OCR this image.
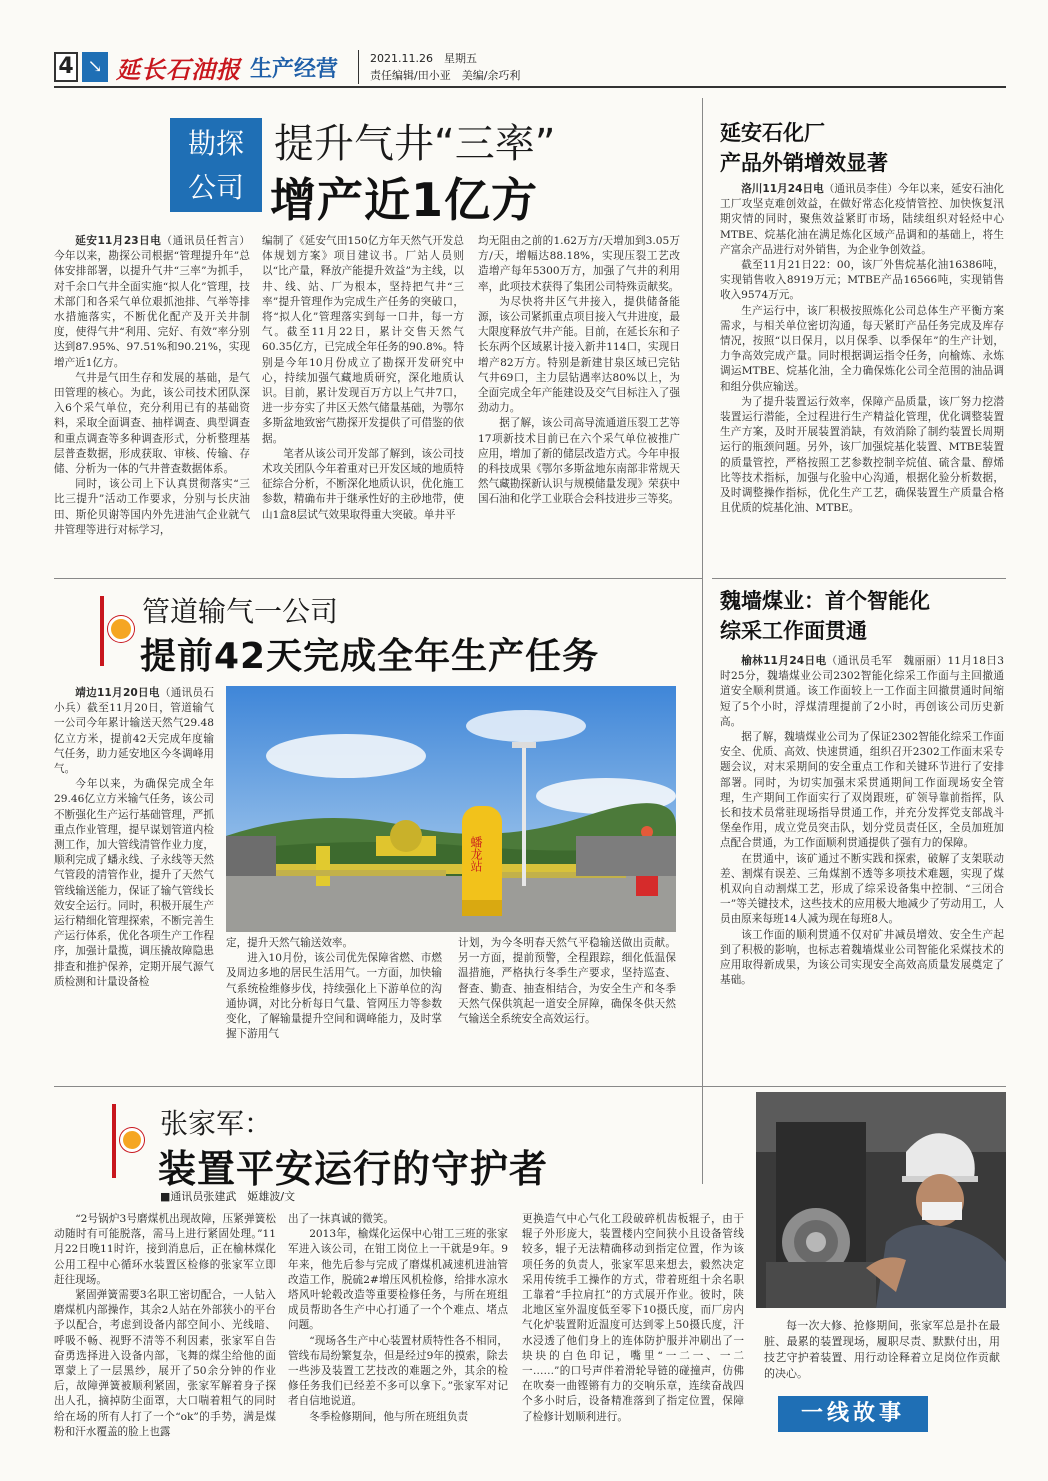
4 ↘ 延长石油报 生产经营	2021.11.26　星期五
责任编辑/田小亚　美编/余巧利
勘探
公司
提升气井“三率”
增产近1亿方

延安11月23日电（通讯员任哲言）今年以来，勘探公司根据“管理提升年”总体安排部署，以提升气井“三率”为抓手，对千余口气井全面实施“拟人化”管理，技术部门和各采气单位艰抓池排、气举等排水措施落实，不断优化配产及开关井制度，使得气井“利用、完好、有效”率分别达到87.95%、97.51%和90.21%，实现增产近1亿方。

气井是气田生存和发展的基础，是气田管理的核心。为此，该公司技术团队深入6个采气单位，充分利用已有的基础资料，采取全面调查、抽样调查、典型调查和重点调查等多种调查形式，分析整理基层普查数据，形成获取、审核、传输、存储、分析为一体的气井普查数据体系。

同时，该公司上下认真贯彻落实“三比三提升”活动工作要求，分别与长庆油田、斯伦贝谢等国内外先进油气企业就气井管理等进行对标学习，

编制了《延安气田150亿方年天然气开发总体规划方案》项目建议书。厂站人员则以“比产量，释放产能提升效益”为主线，以井、线、站、厂为根本，坚持把气井“三率”提升管理作为完成生产任务的突破口，将“拟人化”管理落实到每一口井，每一方气。截至11月22日，累计交售天然气60.35亿方，已完成全年任务的90.8%。特别是今年10月份成立了勘探开发研究中心，持续加强气藏地质研究，深化地质认识。目前，累计发现百万方以上气井7口，进一步夯实了井区天然气储量基础，为鄂尔多斯盆地致密气勘探开发提供了可借鉴的依据。

笔者从该公司开发部了解到，该公司技术攻关团队今年着重对已开发区域的地质特征综合分析，不断深化地质认识，优化施工参数，精确布井于继承性好的主砂地带，使山1盒8层试气效果取得重大突破。单井平

均无阻由之前的1.62万方/天增加到3.05万方/天，增幅达88.18%，实现压裂工艺改造增产每年5300万方，加强了气井的利用率，此项技术获得了集团公司特殊贡献奖。

为尽快将井区气井接入，提供储备能源，该公司紧抓重点项目接入气井进度，最大限度释放气井产能。目前，在延长东和子长东两个区域累计接入新井114口，实现日增产82万方。特别是新建甘泉区域已完钻气井69口，主力层钻遇率达80%以上，为全面完成全年产能建设及交气目标注入了强劲动力。

据了解，该公司高导流通道压裂工艺等17项新技术目前已在六个采气单位被推广应用，增加了新的储层改造方式。今年申报的科技成果《鄂尔多斯盆地东南部非常规天然气藏勘探新认识与规模储量发现》荣获中国石油和化学工业联合会科技进步三等奖。

延安石化厂
产品外销增效显著

洛川11月24日电（通讯员李佳）今年以来，延安石油化工厂攻坚克难创效益，在做好常态化疫情管控、加快恢复汛期灾情的同时，聚焦效益紧盯市场，陆续组织对轻烃中心MTBE、烷基化油在满足炼化区域产品调和的基础上，将生产富余产品进行对外销售，为企业争创效益。

截至11月21日22：00，该厂外售烷基化油16386吨，实现销售收入8919万元；MTBE产品16566吨，实现销售收入9574万元。

生产运行中，该厂积极按照炼化公司总体生产平衡方案需求，与相关单位密切沟通，每天紧盯产品任务完成及库存情况，按照“以日保月，以月保季、以季保年”的生产计划，力争高效完成产量。同时根据调运指令任务，向榆炼、永炼调运MTBE、烷基化油，全力确保炼化公司全范围的油品调和组分供应输送。

为了提升装置运行效率，保障产品质量，该厂努力挖潜装置运行潜能，全过程进行生产精益化管理，优化调整装置生产方案，及时开展装置消缺，有效消除了制约装置长周期运行的瓶颈问题。另外，该厂加强烷基化装置、MTBE装置的质量管控，严格按照工艺参数控制辛烷值、硫含量、醇烯比等技术指标，加强与化验中心沟通，根据化验分析数据，及时调整操作指标，优化生产工艺，确保装置生产质量合格且优质的烷基化油、MTBE。

魏墙煤业：首个智能化
综采工作面贯通

榆林11月24日电（通讯员毛军　魏丽丽）11月18日3时25分，魏墙煤业公司2302智能化综采工作面与主回撤通道安全顺利贯通。该工作面较上一工作面主回撤贯通时间缩短了5个小时，浮煤清理提前了2小时，再创该公司历史新高。

据了解，魏墙煤业公司为了保证2302智能化综采工作面安全、优质、高效、快速贯通，组织召开2302工作面末采专题会议，对末采期间的安全重点工作和关键环节进行了安排部署。同时，为切实加强末采贯通期间工作面现场安全管理，生产期间工作面实行了双岗跟班，矿领导靠前指挥，队长和技术员常驻现场指导贯通工作，并充分发挥党支部战斗堡垒作用，成立党员突击队，划分党员责任区，全员加班加点配合贯通，为工作面顺利贯通提供了强有力的保障。

在贯通中，该矿通过不断实践和探索，破解了支架联动差、割煤有误差、三角煤割不透等多项技术难题，实现了煤机双向自动割煤工艺，形成了综采设备集中控制、“三闭合一”等关键技术，这些技术的应用极大地减少了劳动用工，人员由原来每班14人减为现在每班8人。

该工作面的顺利贯通不仅对矿井减员增效、安全生产起到了积极的影响，也标志着魏墙煤业公司智能化采煤技术的应用取得新成果，为该公司实现安全高效高质量发展奠定了基础。

管道输气一公司
提前42天完成全年生产任务

靖边11月20日电（通讯员石小兵）截至11月20日，管道输气一公司今年累计输送天然气29.48亿立方米，提前42天完成年度输气任务，助力延安地区今冬调峰用气。

今年以来，为确保完成全年29.46亿立方米输气任务，该公司不断强化生产运行基础管理，严抓重点作业管理，提早谋划管道内检测工作，加大管线清管作业力度，顺利完成了蟠永线、子永线等天然气管段的清管作业，提升了天然气管线输送能力，保证了输气管线长效安全运行。同时，积极开展生产运行精细化管理探索，不断完善生产运行体系，优化各项生产工作程序，加强计量揽，调压撬故障隐患排查和推护保养，定期开展气源气质检测和计量设备检

蟠龙站

定，提升天然气输送效率。

进入10月份，该公司优先保障省燃、市燃及周边多地的居民生活用气。一方面，加快输气系统检维修步伐，持续强化上下游单位的沟通协调，对比分析每日气量、管网压力等参数变化，了解输量提升空间和调峰能力，及时掌握下游用气

计划，为今冬明春天然气平稳输送做出贡献。另一方面，提前预警，全程跟踪，细化低温保温措施，严格执行冬季生产要求，坚持巡查、督查、勤查、抽查相结合，为安全生产和冬季天然气保供筑起一道安全屏障，确保冬供天然气输送全系统安全高效运行。

张家军：
装置平安运行的守护者
■通讯员张建武　姬雄波/文

“2号锅炉3号磨煤机出现故障，压紧弹簧松动随时有可能脱落，需马上进行紧固处理。”11月22日晚11时许，接到消息后，正在榆林煤化公用工程中心循环水装置区检修的张家军立即赶往现场。

紧固弹簧需要3名职工密切配合，一人钻入磨煤机内部操作，其余2人站在外部狭小的平台予以配合，考虑到设备内部空间小、光线暗、呼吸不畅、视野不清等不利因素，张家军自告奋勇选择进入设备内部，飞舞的煤尘给他的面罩蒙上了一层黑纱，展开了50余分钟的作业后，故障弹簧被顺利紧固，张家军解着身子探出人孔，摘掉防尘面罩，大口喘着粗气的同时给在场的所有人打了一个“ok”的手势，满是煤粉和汗水覆盖的脸上也露

出了一抹真诚的微笑。

2013年，榆煤化运保中心钳工三班的张家军进入该公司，在钳工岗位上一干就是9年。9年来，他先后参与完成了磨煤机减速机进油管改造工作，脱硫2#增压风机检修，给排水凉水塔风叶轮毂改造等重要检修任务，与所在班组成员帮助各生产中心打通了一个个难点、堵点问题。

“现场各生产中心装置材质特性各不相同，管线布局纷繁复杂，但是经过9年的摸索，除去一些涉及装置工艺技改的难题之外，其余的检修任务我们已经差不多可以拿下。”张家军对记者自信地说道。

冬季检修期间，他与所在班组负责

更换造气中心气化工段破碎机齿板辊子，由于辊子外形庞大，装置楼内空间狭小且设备管线较多，辊子无法精确移动到指定位置，作为该项任务的负责人，张家军思来想去，毅然决定采用传统手工操作的方式，带着班组十余名职工靠着“手拉肩扛”的方式展开作业。彼时，陕北地区室外温度低至零下10摄氏度，而厂房内气化炉装置附近温度可达到零上50摄氏度，汗水浸透了他们身上的连体防护服并冲刷出了一块块的白色印记，嘴里“一二一、一二一……”的口号声伴着滑轮导链的碰撞声，仿佛在吹奏一曲铿锵有力的交响乐章，连续奋战四个多小时后，设备精准落到了指定位置，保障了检修计划顺利进行。

每一次大修、抢修期间，张家军总是扑在最脏、最累的装置现场，履职尽责、默默付出，用技艺守护着装置、用行动诠释着立足岗位作贡献的决心。
一线故事
